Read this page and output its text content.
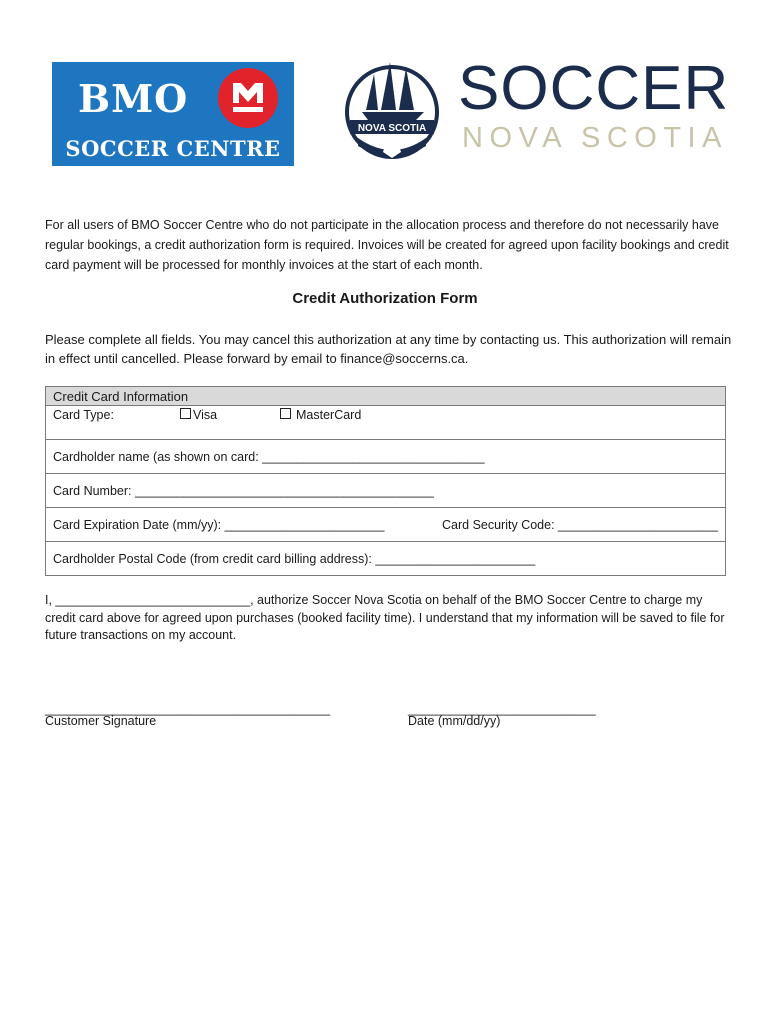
BMO
SOCCER CENTRE
NOVA SCOTIA
SOCCER
NOVA SCOTIA
For all users of BMO Soccer Centre who do not participate in the allocation process and therefore do not necessarily have regular bookings, a credit authorization form is required. Invoices will be created for agreed upon facility bookings and credit card payment will be processed for monthly invoices at the start of each month.
Credit Authorization Form
Please complete all fields. You may cancel this authorization at any time by contacting us. This authorization will remain in effect until cancelled. Please forward by email to finance@soccerns.ca.
Credit Card Information
Card Type:	Visa	MasterCard
Cardholder name (as shown on card: ________________________________
Card Number: ___________________________________________
Card Expiration Date (mm/yy): _______________________	Card Security Code: _______________________
Cardholder Postal Code (from credit card billing address): _______________________
I, ____________________________, authorize Soccer Nova Scotia on behalf of the BMO Soccer Centre to charge my credit card above for agreed upon purchases (booked facility time). I understand that my information will be saved to file for future transactions on my account.
_________________________________________
Customer Signature
___________________________
Date (mm/dd/yy)
